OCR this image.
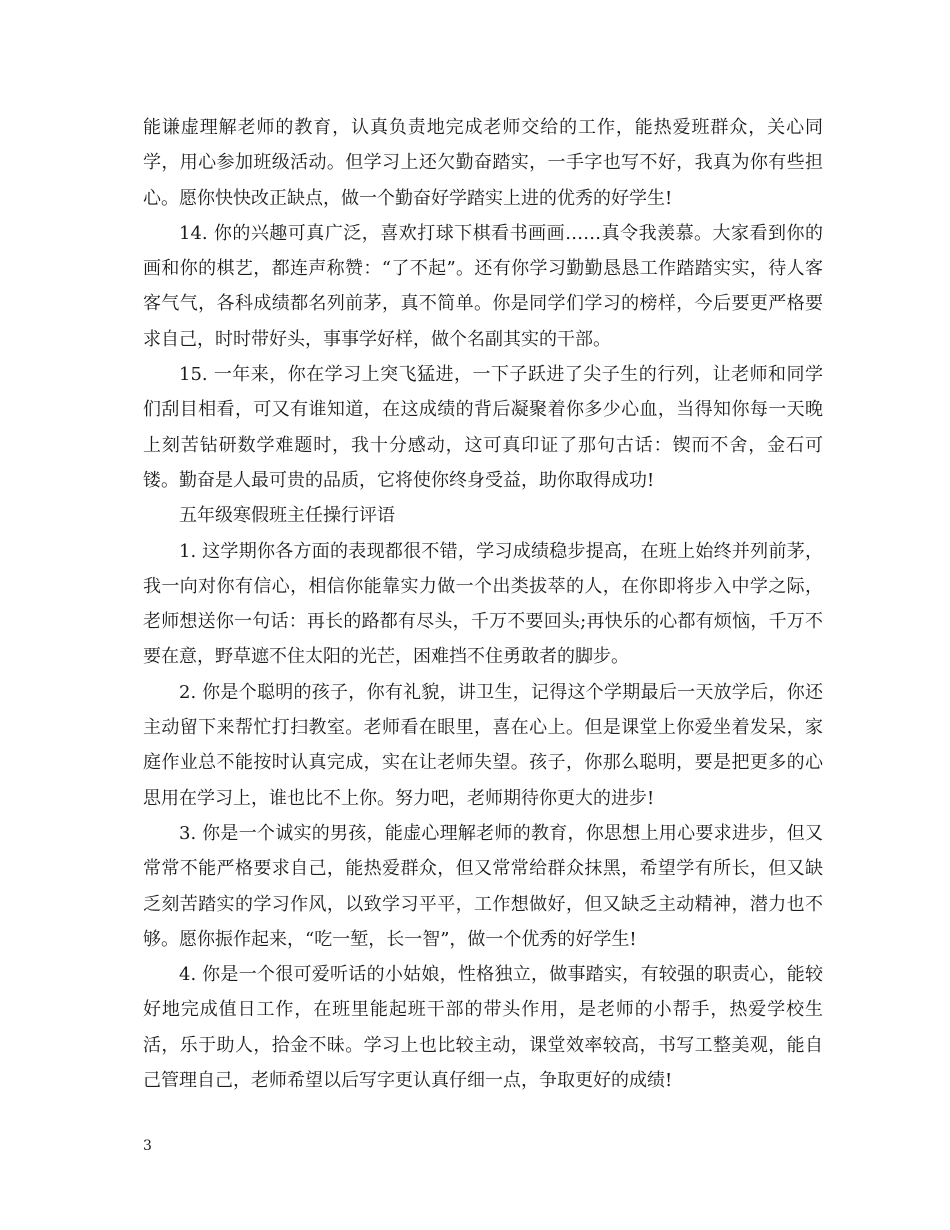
能谦虚理解老师的教育，认真负责地完成老师交给的工作，能热爱班群众，关心同学，用心参加班级活动。但学习上还欠勤奋踏实，一手字也写不好，我真为你有些担心。愿你快快改正缺点，做一个勤奋好学踏实上进的优秀的好学生!

14. 你的兴趣可真广泛，喜欢打球下棋看书画画……真令我羡慕。大家看到你的画和你的棋艺，都连声称赞：“了不起”。还有你学习勤勤恳恳工作踏踏实实，待人客客气气，各科成绩都名列前茅，真不简单。你是同学们学习的榜样，今后要更严格要求自己，时时带好头，事事学好样，做个名副其实的干部。

15. 一年来，你在学习上突飞猛进，一下子跃进了尖子生的行列，让老师和同学们刮目相看，可又有谁知道，在这成绩的背后凝聚着你多少心血，当得知你每一天晚上刻苦钻研数学难题时，我十分感动，这可真印证了那句古话：锲而不舍，金石可镂。勤奋是人最可贵的品质，它将使你终身受益，助你取得成功!

五年级寒假班主任操行评语

1. 这学期你各方面的表现都很不错，学习成绩稳步提高，在班上始终并列前茅，我一向对你有信心，相信你能靠实力做一个出类拔萃的人，在你即将步入中学之际，老师想送你一句话：再长的路都有尽头，千万不要回头;再快乐的心都有烦恼，千万不要在意，野草遮不住太阳的光芒，困难挡不住勇敢者的脚步。

2. 你是个聪明的孩子，你有礼貌，讲卫生，记得这个学期最后一天放学后，你还主动留下来帮忙打扫教室。老师看在眼里，喜在心上。但是课堂上你爱坐着发呆，家庭作业总不能按时认真完成，实在让老师失望。孩子，你那么聪明，要是把更多的心思用在学习上，谁也比不上你。努力吧，老师期待你更大的进步!

3. 你是一个诚实的男孩，能虚心理解老师的教育，你思想上用心要求进步，但又常常不能严格要求自己，能热爱群众，但又常常给群众抹黑，希望学有所长，但又缺乏刻苦踏实的学习作风，以致学习平平，工作想做好，但又缺乏主动精神，潜力也不够。愿你振作起来，“吃一堑，长一智”，做一个优秀的好学生!

4. 你是一个很可爱听话的小姑娘，性格独立，做事踏实，有较强的职责心，能较好地完成值日工作，在班里能起班干部的带头作用，是老师的小帮手，热爱学校生活，乐于助人，拾金不昧。学习上也比较主动，课堂效率较高，书写工整美观，能自己管理自己，老师希望以后写字更认真仔细一点，争取更好的成绩!

3
